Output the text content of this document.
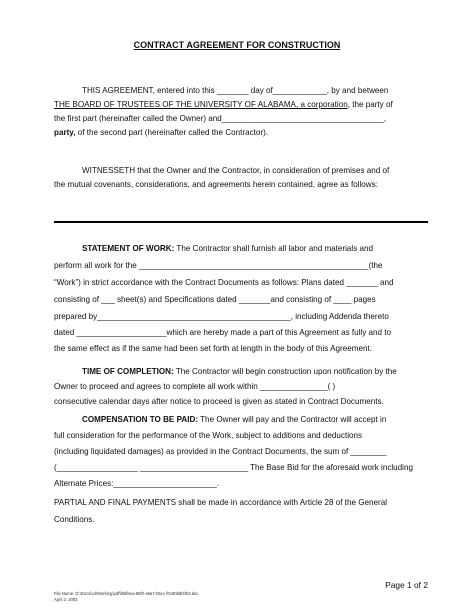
CONTRACT AGREEMENT FOR CONSTRUCTION
THIS AGREEMENT, entered into this _______ day of____________, by and between
THE BOARD OF TRUSTEES OF THE UNIVERSITY OF ALABAMA, a corporation, the party of
the first part (hereinafter called the Owner) and____________________________________,
party, of the second part (hereinafter called the Contractor).
WITNESSETH that the Owner and the Contractor, in consideration of premises and of
the mutual covenants, considerations, and agreements herein contained, agree as follows:
STATEMENT OF WORK: The Contractor shall furnish all labor and materials and
perform all work for the ___________________________________________________(the
“Work”) in strict accordance with the Contract Documents as follows: Plans dated _______ and
consisting of ___ sheet(s) and Specifications dated _______and consisting of ____ pages
prepared by___________________________________________, including Addenda thereto
dated ____________________which are hereby made a part of this Agreement as fully and to
the same effect as if the same had been set forth at length in the body of this Agreement.
TIME OF COMPLETION: The Contractor will begin construction upon notification by the
Owner to proceed and agrees to complete all work within _______________( )
consecutive calendar days after notice to proceed is given as stated in Contract Documents.
COMPENSATION TO BE PAID: The Owner will pay and the Contractor will accept in
full consideration for the performance of the Work, subject to additions and deductions
(including liquidated damages) as provided in the Contract Documents, the sum of ________
(__________________ ________________________ The Base Bid for the aforesaid work including
Alternate Prices:_______________________.
PARTIAL AND FINAL PAYMENTS shall be made in accordance with Article 28 of the General
Conditions.
Page 1 of 2
File Name: D:\Docs\cd\Working\pdf\f6bfbea-88f0-46a7-b5cc-f0c90b8f4f53.doc
April 3, 2003
